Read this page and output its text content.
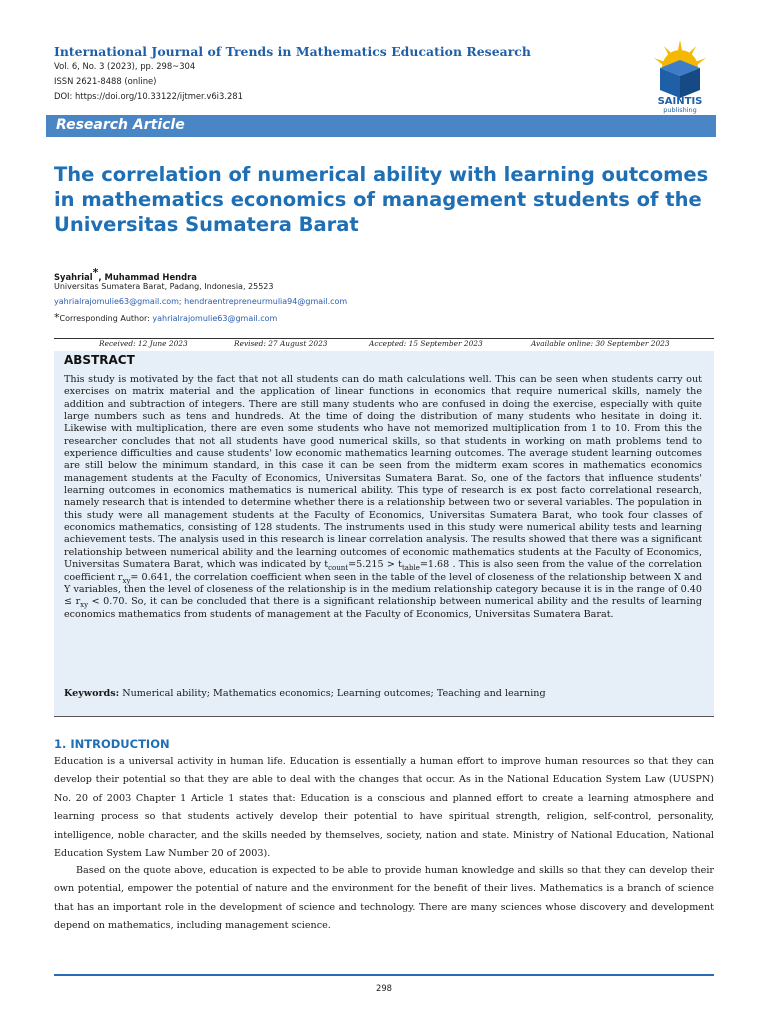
International Journal of Trends in Mathematics Education Research
Vol. 6, No. 3 (2023), pp. 298~304
ISSN 2621-8488 (online)
DOI: https://doi.org/10.33122/ijtmer.v6i3.281	SAINTIS
publishing
Research Article
The correlation of numerical ability with learning outcomes in mathematics economics of management students of the Universitas Sumatera Barat
Syahrial*, Muhammad Hendra
Universitas Sumatera Barat, Padang, Indonesia, 25523
yahrialrajomulie63@gmail.com; hendraentrepreneurmulia94@gmail.com
*Corresponding Author: yahrialrajomulie63@gmail.com
Received: 12 June 2023	Revised: 27 August 2023	Accepted: 15 September 2023	Available online: 30 September 2023
ABSTRACT
This study is motivated by the fact that not all students can do math calculations well. This can be seen when students carry out exercises on matrix material and the application of linear functions in economics that require numerical skills, namely the addition and subtraction of integers. There are still many students who are confused in doing the exercise, especially with quite large numbers such as tens and hundreds. At the time of doing the distribution of many students who hesitate in doing it. Likewise with multiplication, there are even some students who have not memorized multiplication from 1 to 10. From this the researcher concludes that not all students have good numerical skills, so that students in working on math problems tend to experience difficulties and cause students' low economic mathematics learning outcomes. The average student learning outcomes are still below the minimum standard, in this case it can be seen from the midterm exam scores in mathematics economics management students at the Faculty of Economics, Universitas Sumatera Barat. So, one of the factors that influence students' learning outcomes in economics mathematics is numerical ability. This type of research is ex post facto correlational research, namely research that is intended to determine whether there is a relationship between two or several variables. The population in this study were all management students at the Faculty of Economics, Universitas Sumatera Barat, who took four classes of economics mathematics, consisting of 128 students. The instruments used in this study were numerical ability tests and learning achievement tests. The analysis used in this research is linear correlation analysis. The results showed that there was a significant relationship between numerical ability and the learning outcomes of economic mathematics students at the Faculty of Economics, Universitas Sumatera Barat, which was indicated by $t_{count}=5.215 > t_{table}=1.68$ . This is also seen from the value of the correlation coefficient $r_{xy}= 0.641$, the correlation coefficient when seen in the table of the level of closeness of the relationship between X and Y variables, then the level of closeness of the relationship is in the medium relationship category because it is in the range of $0.40 \le r_{xy} < 0.70$. So, it can be concluded that there is a significant relationship between numerical ability and the results of learning economics mathematics from students of management at the Faculty of Economics, Universitas Sumatera Barat.
Keywords: Numerical ability; Mathematics economics; Learning outcomes; Teaching and learning
1. INTRODUCTION
Education is a universal activity in human life. Education is essentially a human effort to improve human resources so that they can develop their potential so that they are able to deal with the changes that occur. As in the National Education System Law (UUSPN) No. 20 of 2003 Chapter 1 Article 1 states that: Education is a conscious and planned effort to create a learning atmosphere and learning process so that students actively develop their potential to have spiritual strength, religion, self-control, personality, intelligence, noble character, and the skills needed by themselves, society, nation and state. Ministry of National Education, National Education System Law Number 20 of 2003).
Based on the quote above, education is expected to be able to provide human knowledge and skills so that they can develop their own potential, empower the potential of nature and the environment for the benefit of their lives. Mathematics is a branch of science that has an important role in the development of science and technology. There are many sciences whose discovery and development depend on mathematics, including management science.
298
